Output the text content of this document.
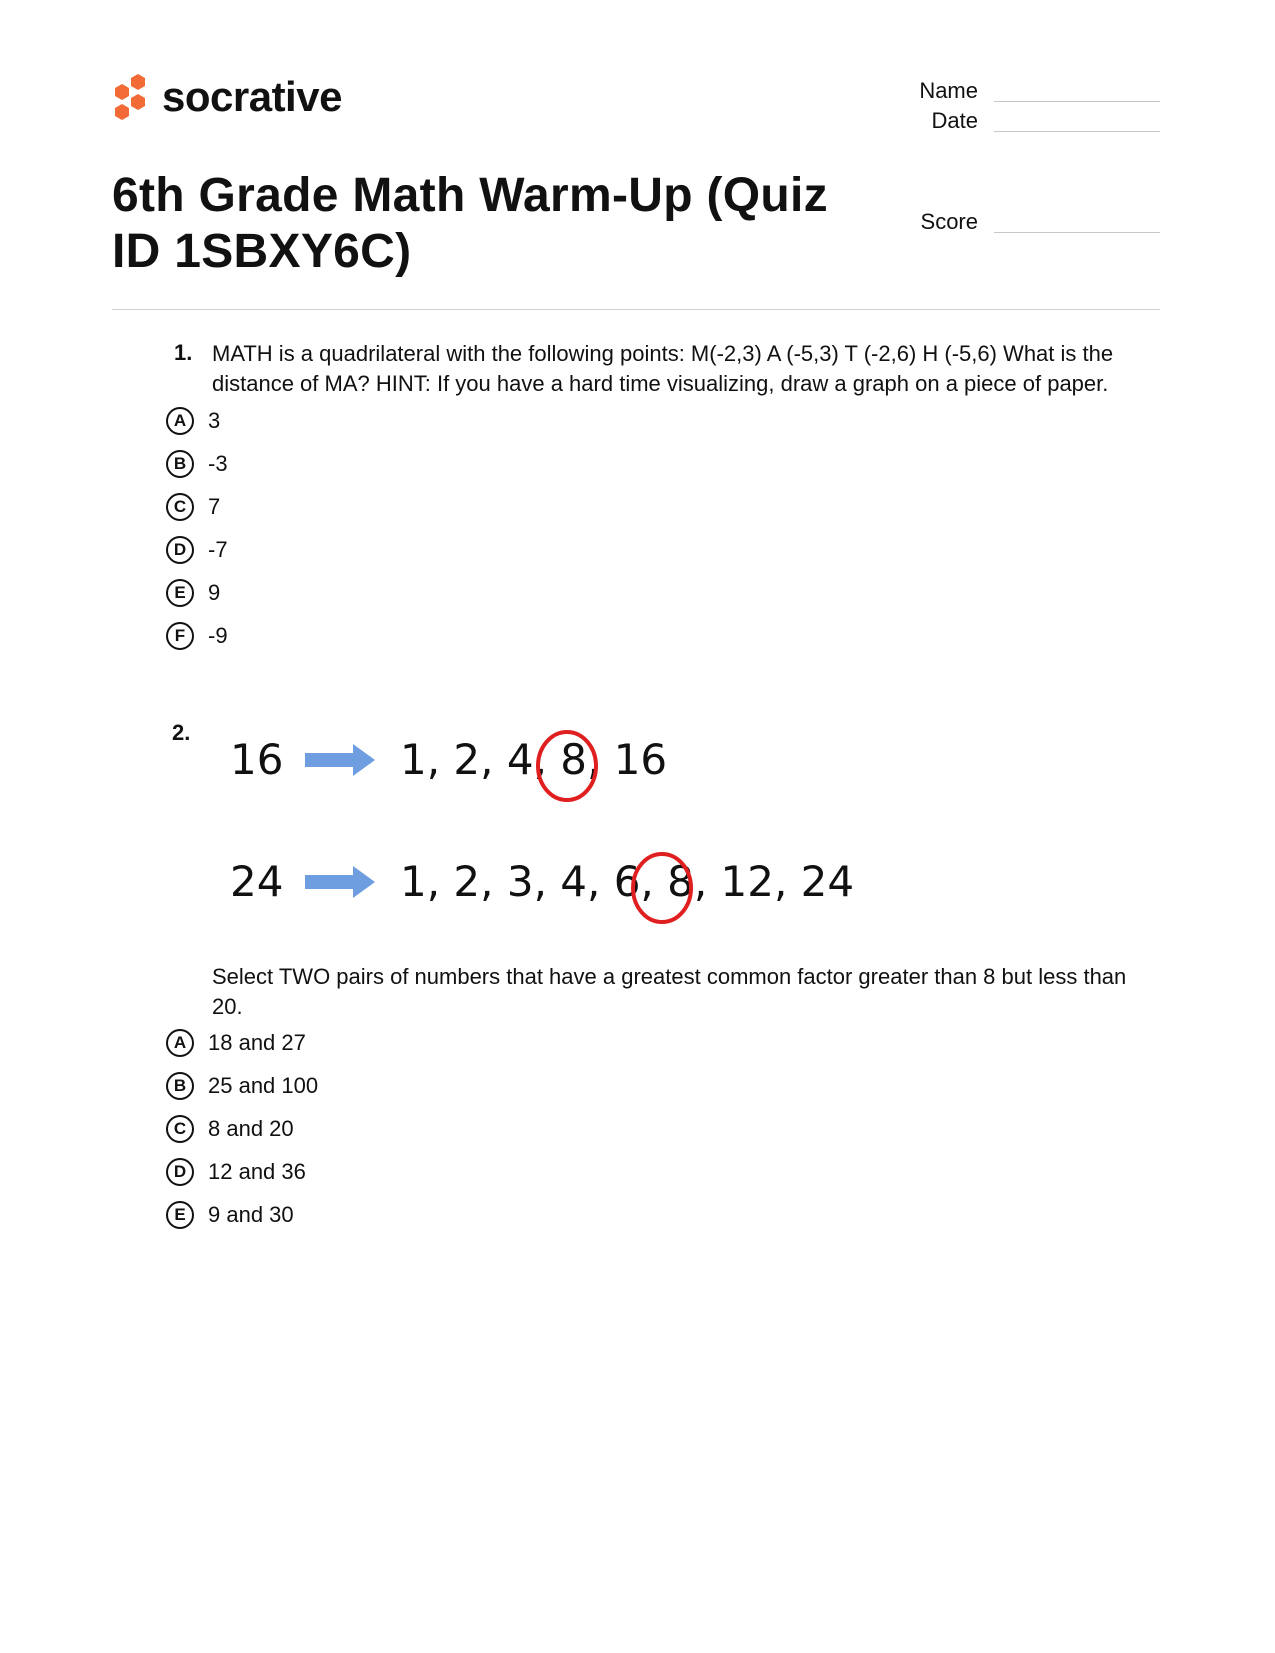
socrative	Name
Date
Score
6th Grade Math Warm-Up (Quiz ID 1SBXY6C)
1. MATH is a quadrilateral with the following points: M(-2,3) A (-5,3) T (-2,6) H (-5,6) What is the distance of MA? HINT: If you have a hard time visualizing, draw a graph on a piece of paper.
A 3
B -3
C 7
D -7
E	9
F	-9
2.
16	1, 2, 4, 8, 16
24	1, 2, 3, 4, 6, 8, 12, 24
Select TWO pairs of numbers that have a greatest common factor greater than 8 but less than 20.
A 18 and 27
B 25 and 100
C 8 and 20
D 12 and 36
E	9 and 30
